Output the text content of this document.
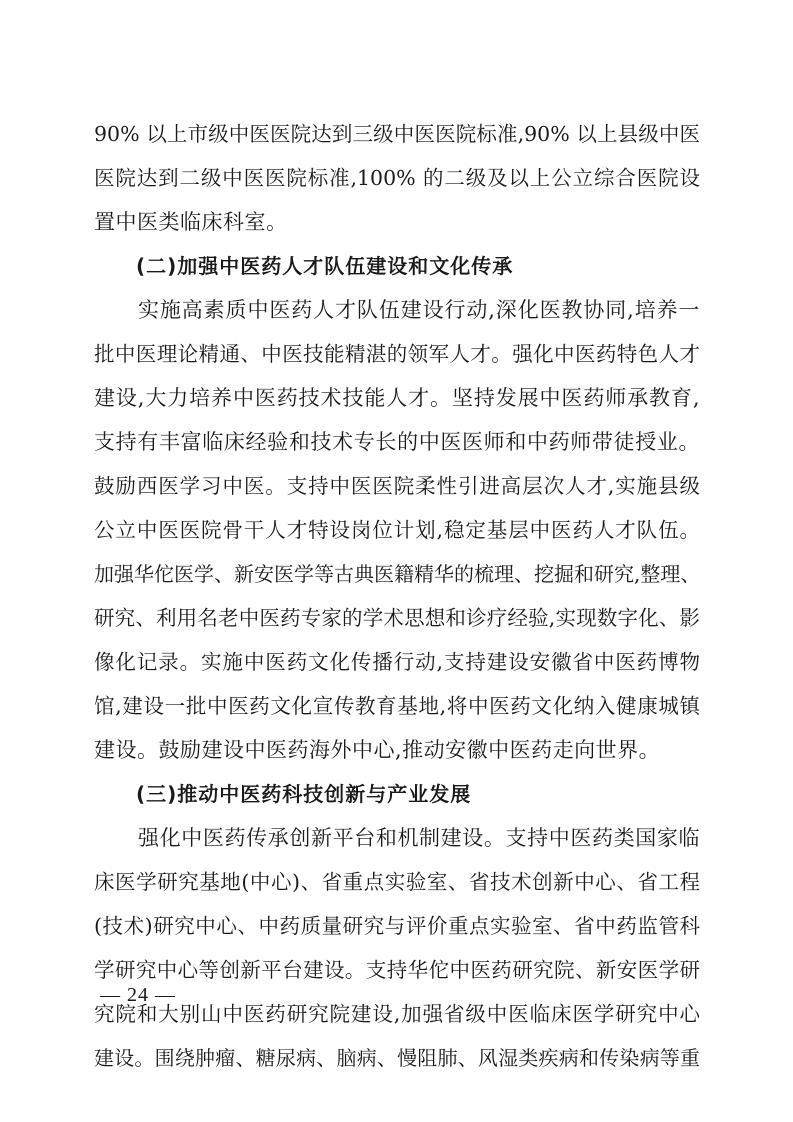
90% 以上市级中医医院达到三级中医医院标准,90% 以上县级中医
医院达到二级中医医院标准,100% 的二级及以上公立综合医院设
置中医类临床科室。
(二)加强中医药人才队伍建设和文化传承
实施高素质中医药人才队伍建设行动,深化医教协同,培养一
批中医理论精通、中医技能精湛的领军人才。强化中医药特色人才
建设,大力培养中医药技术技能人才。坚持发展中医药师承教育,
支持有丰富临床经验和技术专长的中医医师和中药师带徒授业。
鼓励西医学习中医。支持中医医院柔性引进高层次人才,实施县级
公立中医医院骨干人才特设岗位计划,稳定基层中医药人才队伍。
加强华佗医学、新安医学等古典医籍精华的梳理、挖掘和研究,整理、
研究、利用名老中医药专家的学术思想和诊疗经验,实现数字化、影
像化记录。实施中医药文化传播行动,支持建设安徽省中医药博物
馆,建设一批中医药文化宣传教育基地,将中医药文化纳入健康城镇
建设。鼓励建设中医药海外中心,推动安徽中医药走向世界。
(三)推动中医药科技创新与产业发展
强化中医药传承创新平台和机制建设。支持中医药类国家临
床医学研究基地(中心)、省重点实验室、省技术创新中心、省工程
(技术)研究中心、中药质量研究与评价重点实验室、省中药监管科
学研究中心等创新平台建设。支持华佗中医药研究院、新安医学研
究院和大别山中医药研究院建设,加强省级中医临床医学研究中心
建设。围绕肿瘤、糖尿病、脑病、慢阻肺、风湿类疾病和传染病等重
— 24 —
